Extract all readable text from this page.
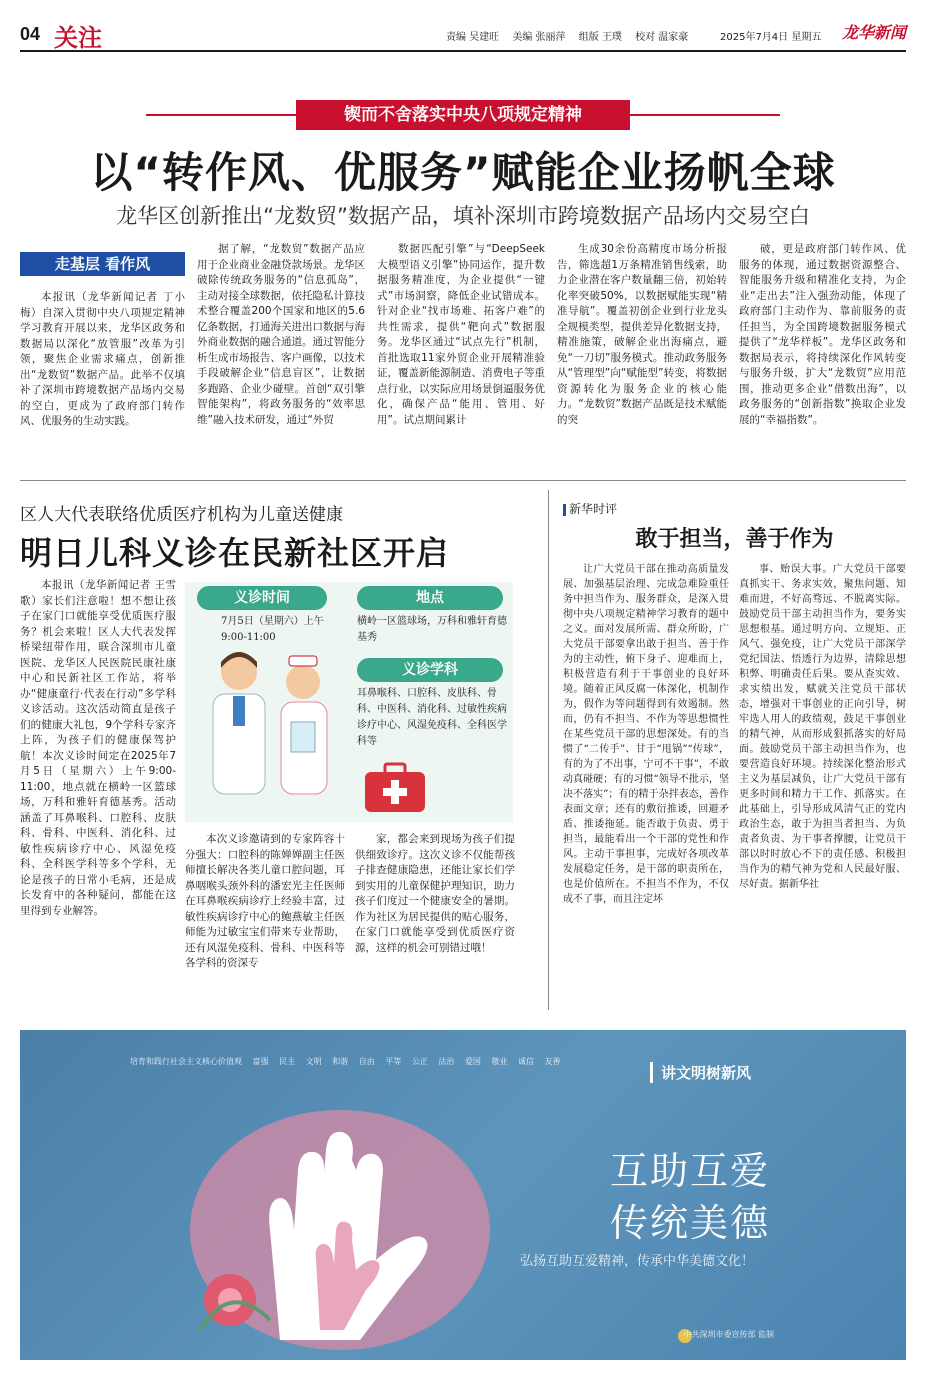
04 关注	责编 吴建旺 美编 张丽萍 组版 王璞 校对 温家豪	2025年7月4日 星期五 龙华新闻
锲而不舍落实中央八项规定精神
以“转作风、优服务”赋能企业扬帆全球
龙华区创新推出“龙数贸”数据产品，填补深圳市跨境数据产品场内交易空白
走基层 看作风

本报讯（龙华新闻记者 丁小梅）自深入贯彻中央八项规定精神学习教育开展以来，龙华区政务和数据局以深化“放管服”改革为引领，聚焦企业需求痛点，创新推出“龙数贸”数据产品。此举不仅填补了深圳市跨境数据产品场内交易的空白，更成为了政府部门转作风、优服务的生动实践。

据了解，“龙数贸”数据产品应用于企业商业金融贷款场景。龙华区破除传统政务服务的“信息孤岛”，主动对接全球数据，依托隐私计算技术整合覆盖200个国家和地区的5.6亿条数据，打通海关进出口数据与海外商业数据的融合通道。通过智能分析生成市场报告、客户画像，以技术手段破解企业“信息盲区”，让数据多跑路、企业少碰壁。首创“双引擎智能架构”，将政务服务的“效率思维”融入技术研发，通过“外贸

数据匹配引擎”与“DeepSeek大模型语义引擎”协同运作，提升数据服务精准度，为企业提供“一键式”市场洞察，降低企业试错成本。针对企业“找市场难、拓客户难”的共性需求，提供“靶向式”数据服务。龙华区通过“试点先行”机制，首批选取11家外贸企业开展精准验证，覆盖新能源制造、消费电子等重点行业，以实际应用场景倒逼服务优化，确保产品“能用、管用、好用”。试点期间累计

生成30余份高精度市场分析报告，筛选超1万条精准销售线索，助力企业潜在客户数量翻三倍，初始转化率突破50%，以数据赋能实现“精准导航”。覆盖初创企业到行业龙头全规模类型，提供差异化数据支持，精准施策，破解企业出海痛点，避免“一刀切”服务模式。推动政务服务从“管理型”向“赋能型”转变，将数据资源转化为服务企业的核心能力。“龙数贸”数据产品既是技术赋能的突

破，更是政府部门转作风、优服务的体现，通过数据资源整合、智能服务升级和精准化支持，为企业“走出去”注入强劲动能，体现了政府部门主动作为、靠前服务的责任担当，为全国跨境数据服务模式提供了“龙华样板”。龙华区政务和数据局表示，将持续深化作风转变与服务升级，扩大“龙数贸”应用范围，推动更多企业“借数出海”，以政务服务的“创新指数”换取企业发展的“幸福指数”。

区人大代表联络优质医疗机构为儿童送健康
明日儿科义诊在民新社区开启

本报讯（龙华新闻记者 王雪歌）家长们注意啦！想不想让孩子在家门口就能享受优质医疗服务？机会来啦！区人大代表发挥桥梁纽带作用，联合深圳市儿童医院、龙华区人民医院民康社康中心和民新社区工作站，将举办“健康童行·代表在行动”多学科义诊活动。这次活动简直是孩子们的健康大礼包，9个学科专家齐上阵，为孩子们的健康保驾护航！本次义诊时间定在2025年7月5日（星期六）上午9:00-11:00，地点就在横岭一区篮球场，万科和雅轩育德基秀。活动涵盖了耳鼻喉科、口腔科、皮肤科、骨科、中医科、消化科、过敏性疾病诊疗中心、风湿免疫科、全科医学科等多个学科，无论是孩子的日常小毛病，还是成长发育中的各种疑问，都能在这里得到专业解答。

义诊时间
7月5日（星期六）上午9:00-11:00
地点
横岭一区篮球场，万科和雅轩育德基秀
义诊学科
耳鼻喉科、口腔科、皮肤科、骨科、中医科、消化科、过敏性疾病诊疗中心、风湿免疫科、全科医学科等

本次义诊邀请到的专家阵容十分强大：口腔科的陈婵婵副主任医师擅长解决各类儿童口腔问题，耳鼻咽喉头颈外科的潘宏光主任医师在耳鼻喉疾病诊疗上经验丰富，过敏性疾病诊疗中心的鲍燕敏主任医师能为过敏宝宝们带来专业帮助，还有风湿免疫科、骨科、中医科等各学科的资深专

家，都会来到现场为孩子们提供细致诊疗。这次义诊不仅能帮孩子排查健康隐患，还能让家长们学到实用的儿童保健护理知识，助力孩子们度过一个健康安全的暑期。作为社区为居民提供的贴心服务，在家门口就能享受到优质医疗资源，这样的机会可别错过哦！

新华时评
敢于担当，善于作为

让广大党员干部在推动高质量发展、加强基层治理、完成急难险重任务中担当作为、服务群众，是深入贯彻中央八项规定精神学习教育的题中之义。面对发展所需、群众所盼，广大党员干部要拿出敢于担当、善于作为的主动性，俯下身子、迎难而上，积极营造有利于干事创业的良好环境。随着正风反腐一体深化，机制作为，假作为等问题得到有效遏制。然而，仍有不担当、不作为等思想惯性在某些党员干部的思想深处。有的当惯了“二传手”、甘于“甩锅”“传球”，有的为了不出事，宁可不干事”，不敢动真碰硬；有的习惯“领导不批示，坚决不落实”；有的精于杂拌表态，善作表面文章；还有的敷衍推诿，回避矛盾、推诿拖延。能否敢于负责、勇于担当，最能看出一个干部的党性和作风。主动干事担事，完成好各项改革发展稳定任务，是干部的职责所在，也是价值所在。不担当不作为，不仅成不了事，而且注定坏

事、贻误大事。广大党员干部要真抓实干、务求实效，聚焦问题、知难而进，不好高骛远、不脱离实际。鼓励党员干部主动担当作为，要务实思想根基。通过明方向、立规矩、正风气、强免疫，让广大党员干部深学党纪国法、悟透行为边界，清除思想积弊、明确责任后果。要从查实效、求实绩出发，赋就关注党员干部状态，增强对干事创业的正向引导，树牢选人用人的政绩观，鼓足干事创业的精气神，从而形成狠抓落实的好局面。鼓励党员干部主动担当作为，也要营造良好环境。持续深化整治形式主义为基层减负，让广大党员干部有更多时间和精力干工作、抓落实。在此基础上，引导形成风清气正的党内政治生态，敢于为担当者担当、为负责者负责、为干事者撑腰，让党员干部以时时放心不下的责任感、积极担当作为的精气神为党和人民最好服、尽好责。据新华社

培育和践行社会主义核心价值观 富强 民主 文明 和谐 自由 平等 公正 法治 爱国 敬业 诚信 友善
讲文明树新风
互助互爱
传统美德
弘扬互助互爱精神，传承中华美德文化！
中共深圳市委宣传部 监制
